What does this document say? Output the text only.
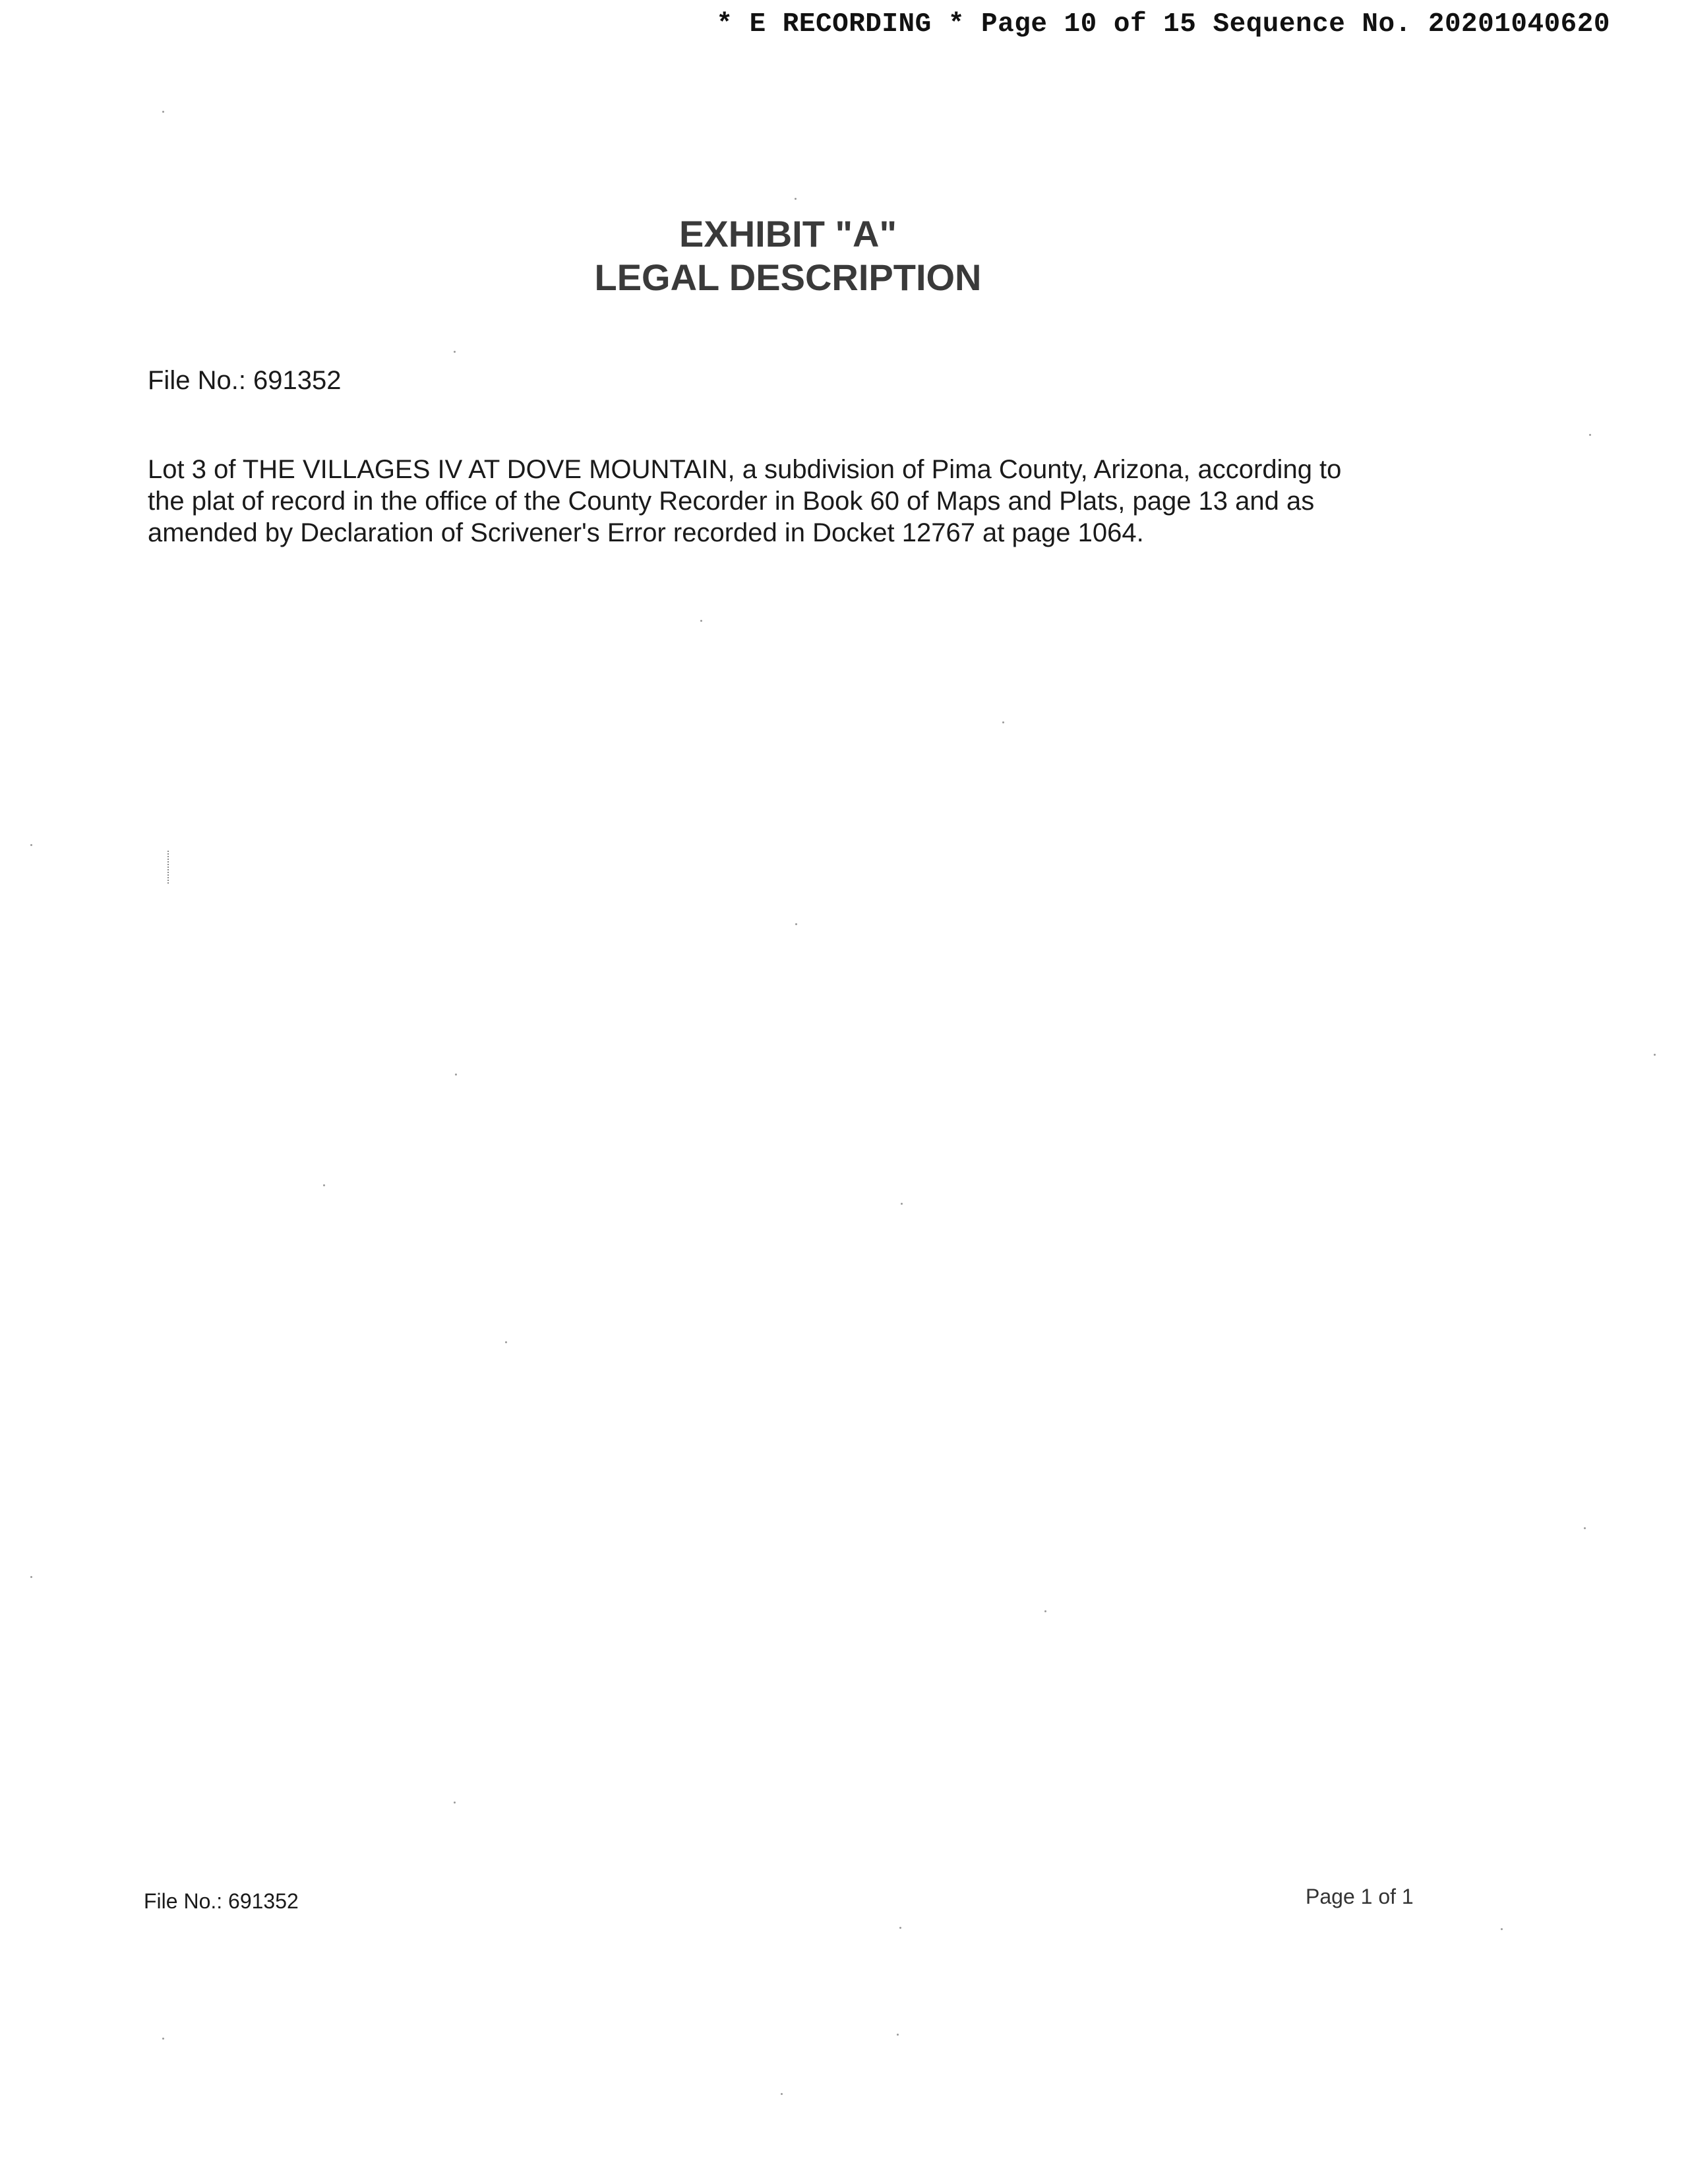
* E RECORDING * Page 10 of 15 Sequence No. 20201040620
EXHIBIT "A"
LEGAL DESCRIPTION
File No.: 691352
Lot 3 of THE VILLAGES IV AT DOVE MOUNTAIN, a subdivision of Pima County, Arizona, according to
the plat of record in the office of the County Recorder in Book 60 of Maps and Plats, page 13 and as
amended by Declaration of Scrivener's Error recorded in Docket 12767 at page 1064.
File No.: 691352	Page 1 of 1
